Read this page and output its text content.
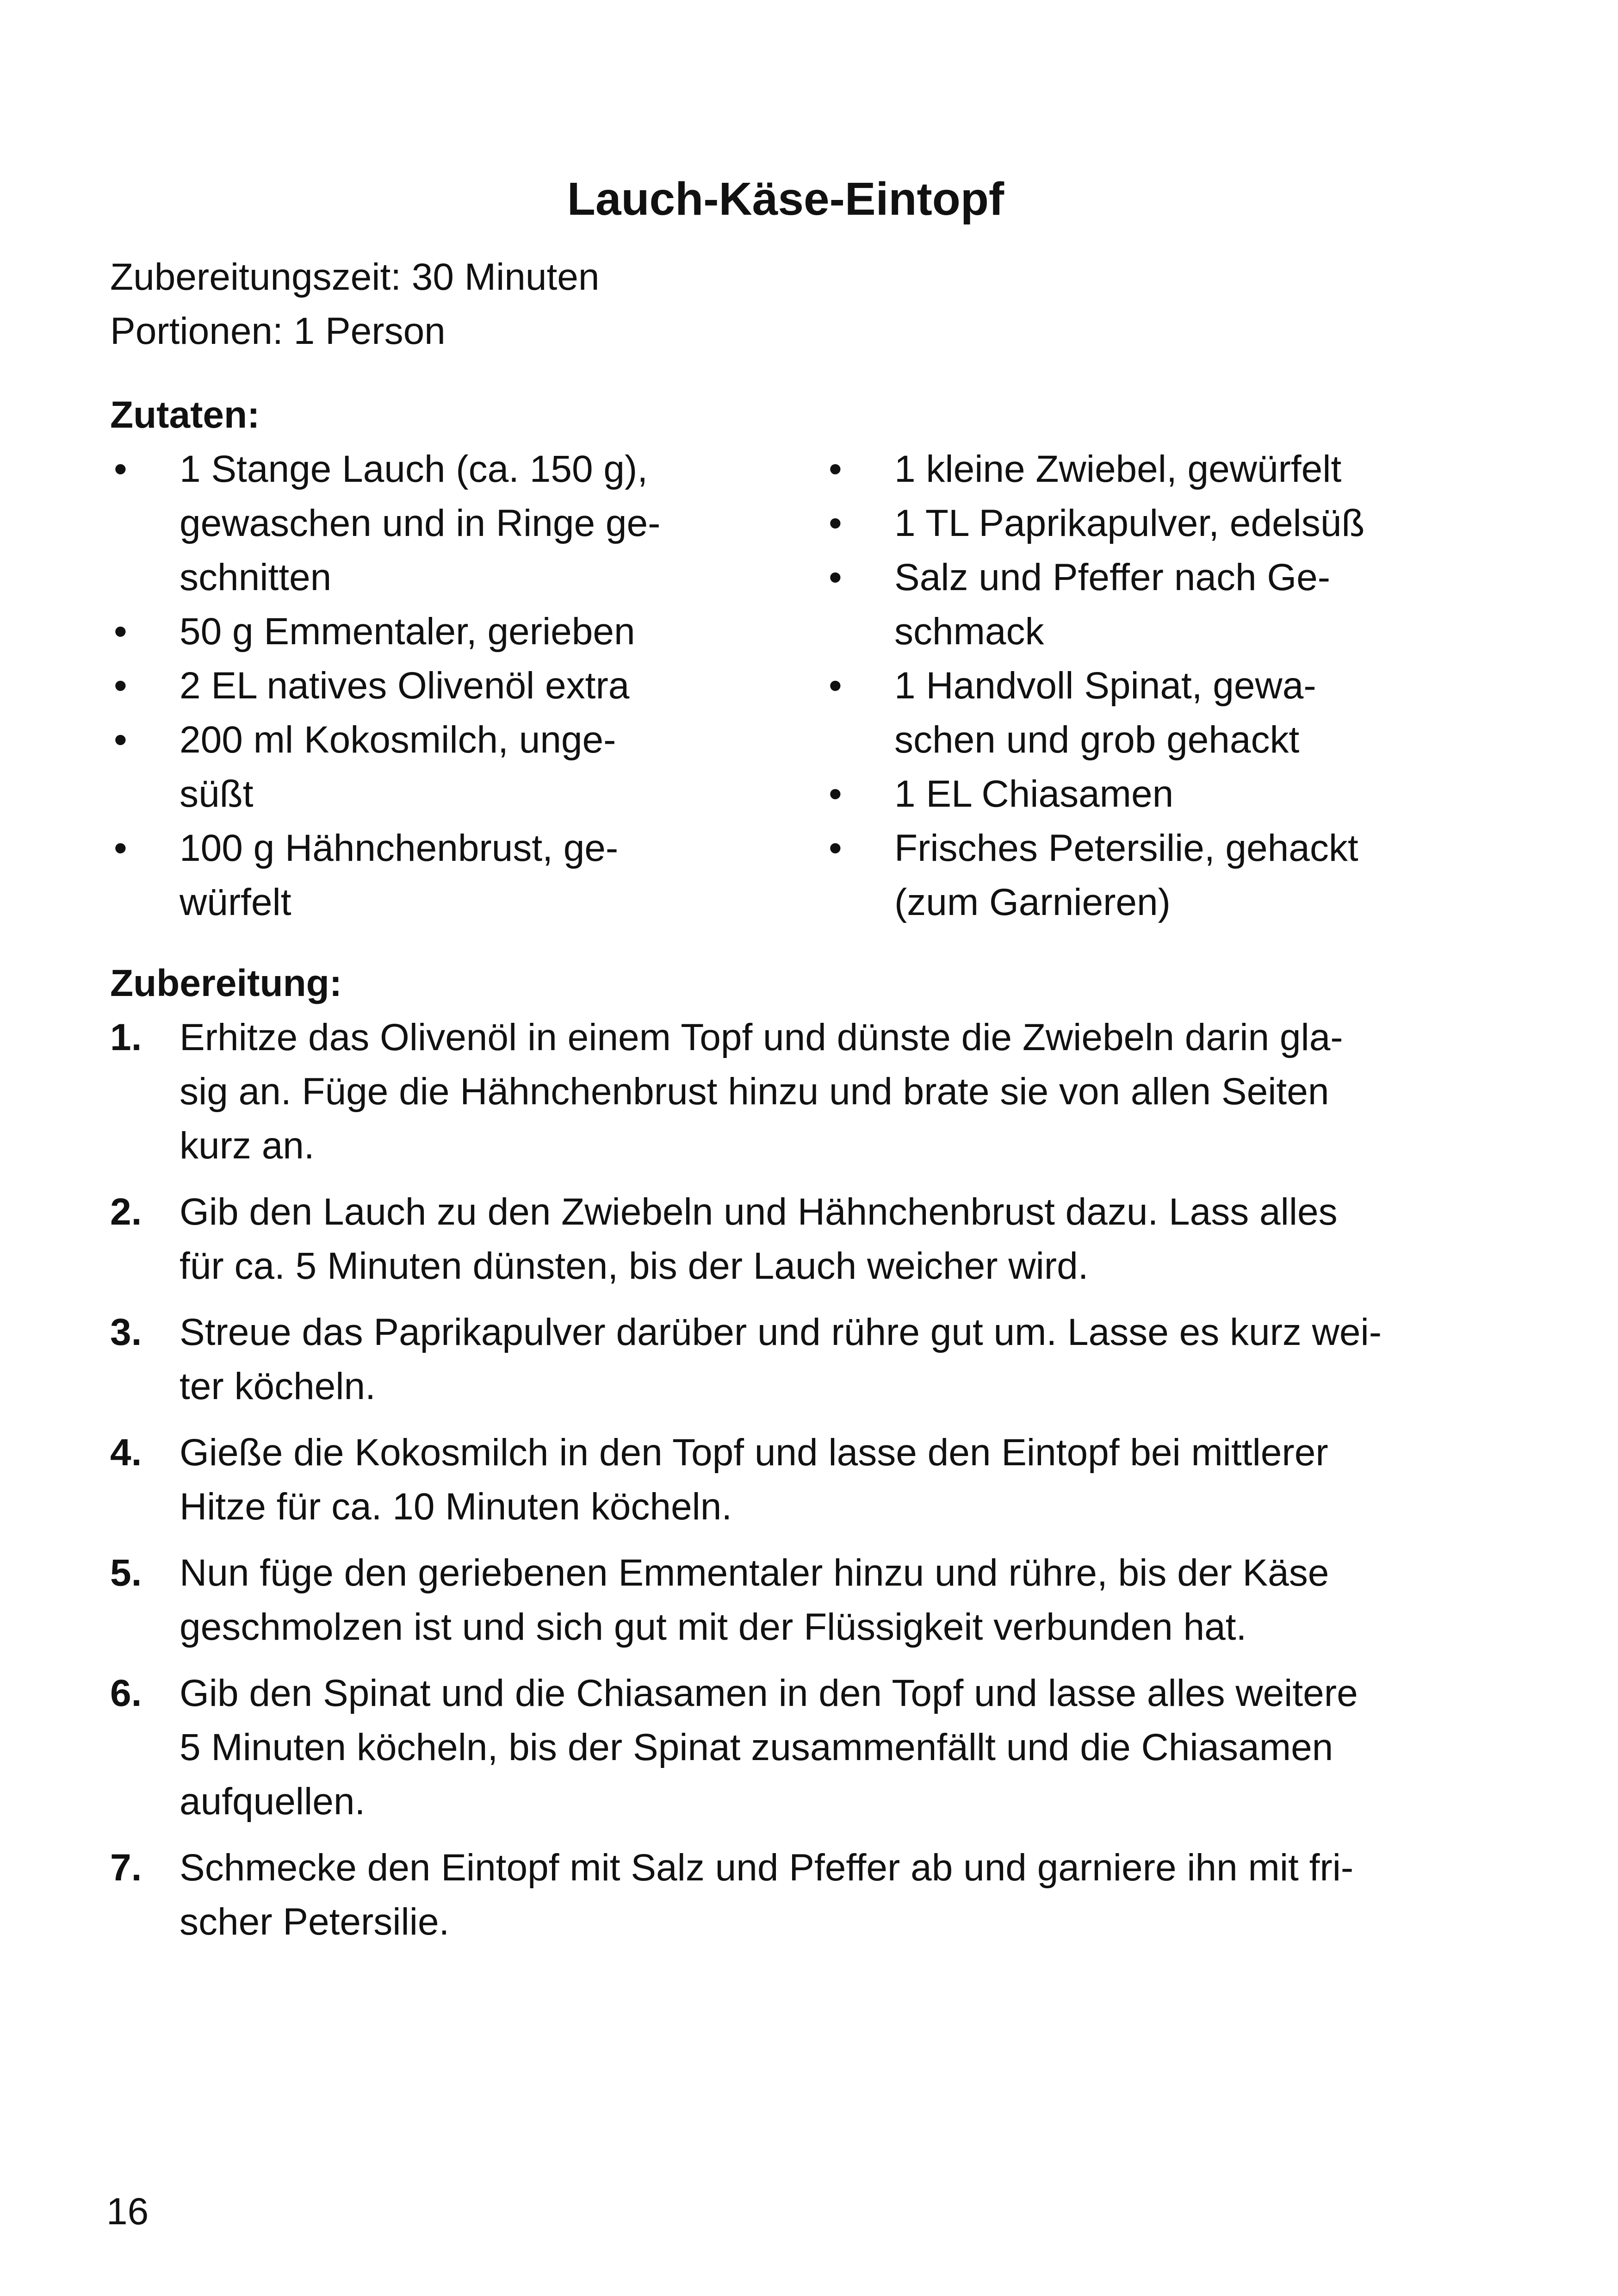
Lauch-Käse-Eintopf
Zubereitungszeit: 30 Minuten
Portionen: 1 Person
Zutaten:
• 1 Stange Lauch (ca. 150 g),
gewaschen und in Ringe ge-
schnitten
• 50 g Emmentaler, gerieben
• 2 EL natives Olivenöl extra
• 200 ml Kokosmilch, unge-
süßt
• 100 g Hähnchenbrust, ge-
würfelt
• 1 kleine Zwiebel, gewürfelt
• 1 TL Paprikapulver, edelsüß
• Salz und Pfeffer nach Ge-
schmack
• 1 Handvoll Spinat, gewa-
schen und grob gehackt
• 1 EL Chiasamen
• Frisches Petersilie, gehackt
(zum Garnieren)
Zubereitung:
1. Erhitze das Olivenöl in einem Topf und dünste die Zwiebeln darin gla-
sig an. Füge die Hähnchenbrust hinzu und brate sie von allen Seiten
kurz an.
2. Gib den Lauch zu den Zwiebeln und Hähnchenbrust dazu. Lass alles
für ca. 5 Minuten dünsten, bis der Lauch weicher wird.
3. Streue das Paprikapulver darüber und rühre gut um. Lasse es kurz wei-
ter köcheln.
4. Gieße die Kokosmilch in den Topf und lasse den Eintopf bei mittlerer
Hitze für ca. 10 Minuten köcheln.
5. Nun füge den geriebenen Emmentaler hinzu und rühre, bis der Käse
geschmolzen ist und sich gut mit der Flüssigkeit verbunden hat.
6. Gib den Spinat und die Chiasamen in den Topf und lasse alles weitere
5 Minuten köcheln, bis der Spinat zusammenfällt und die Chiasamen
aufquellen.
7. Schmecke den Eintopf mit Salz und Pfeffer ab und garniere ihn mit fri-
scher Petersilie.
16
